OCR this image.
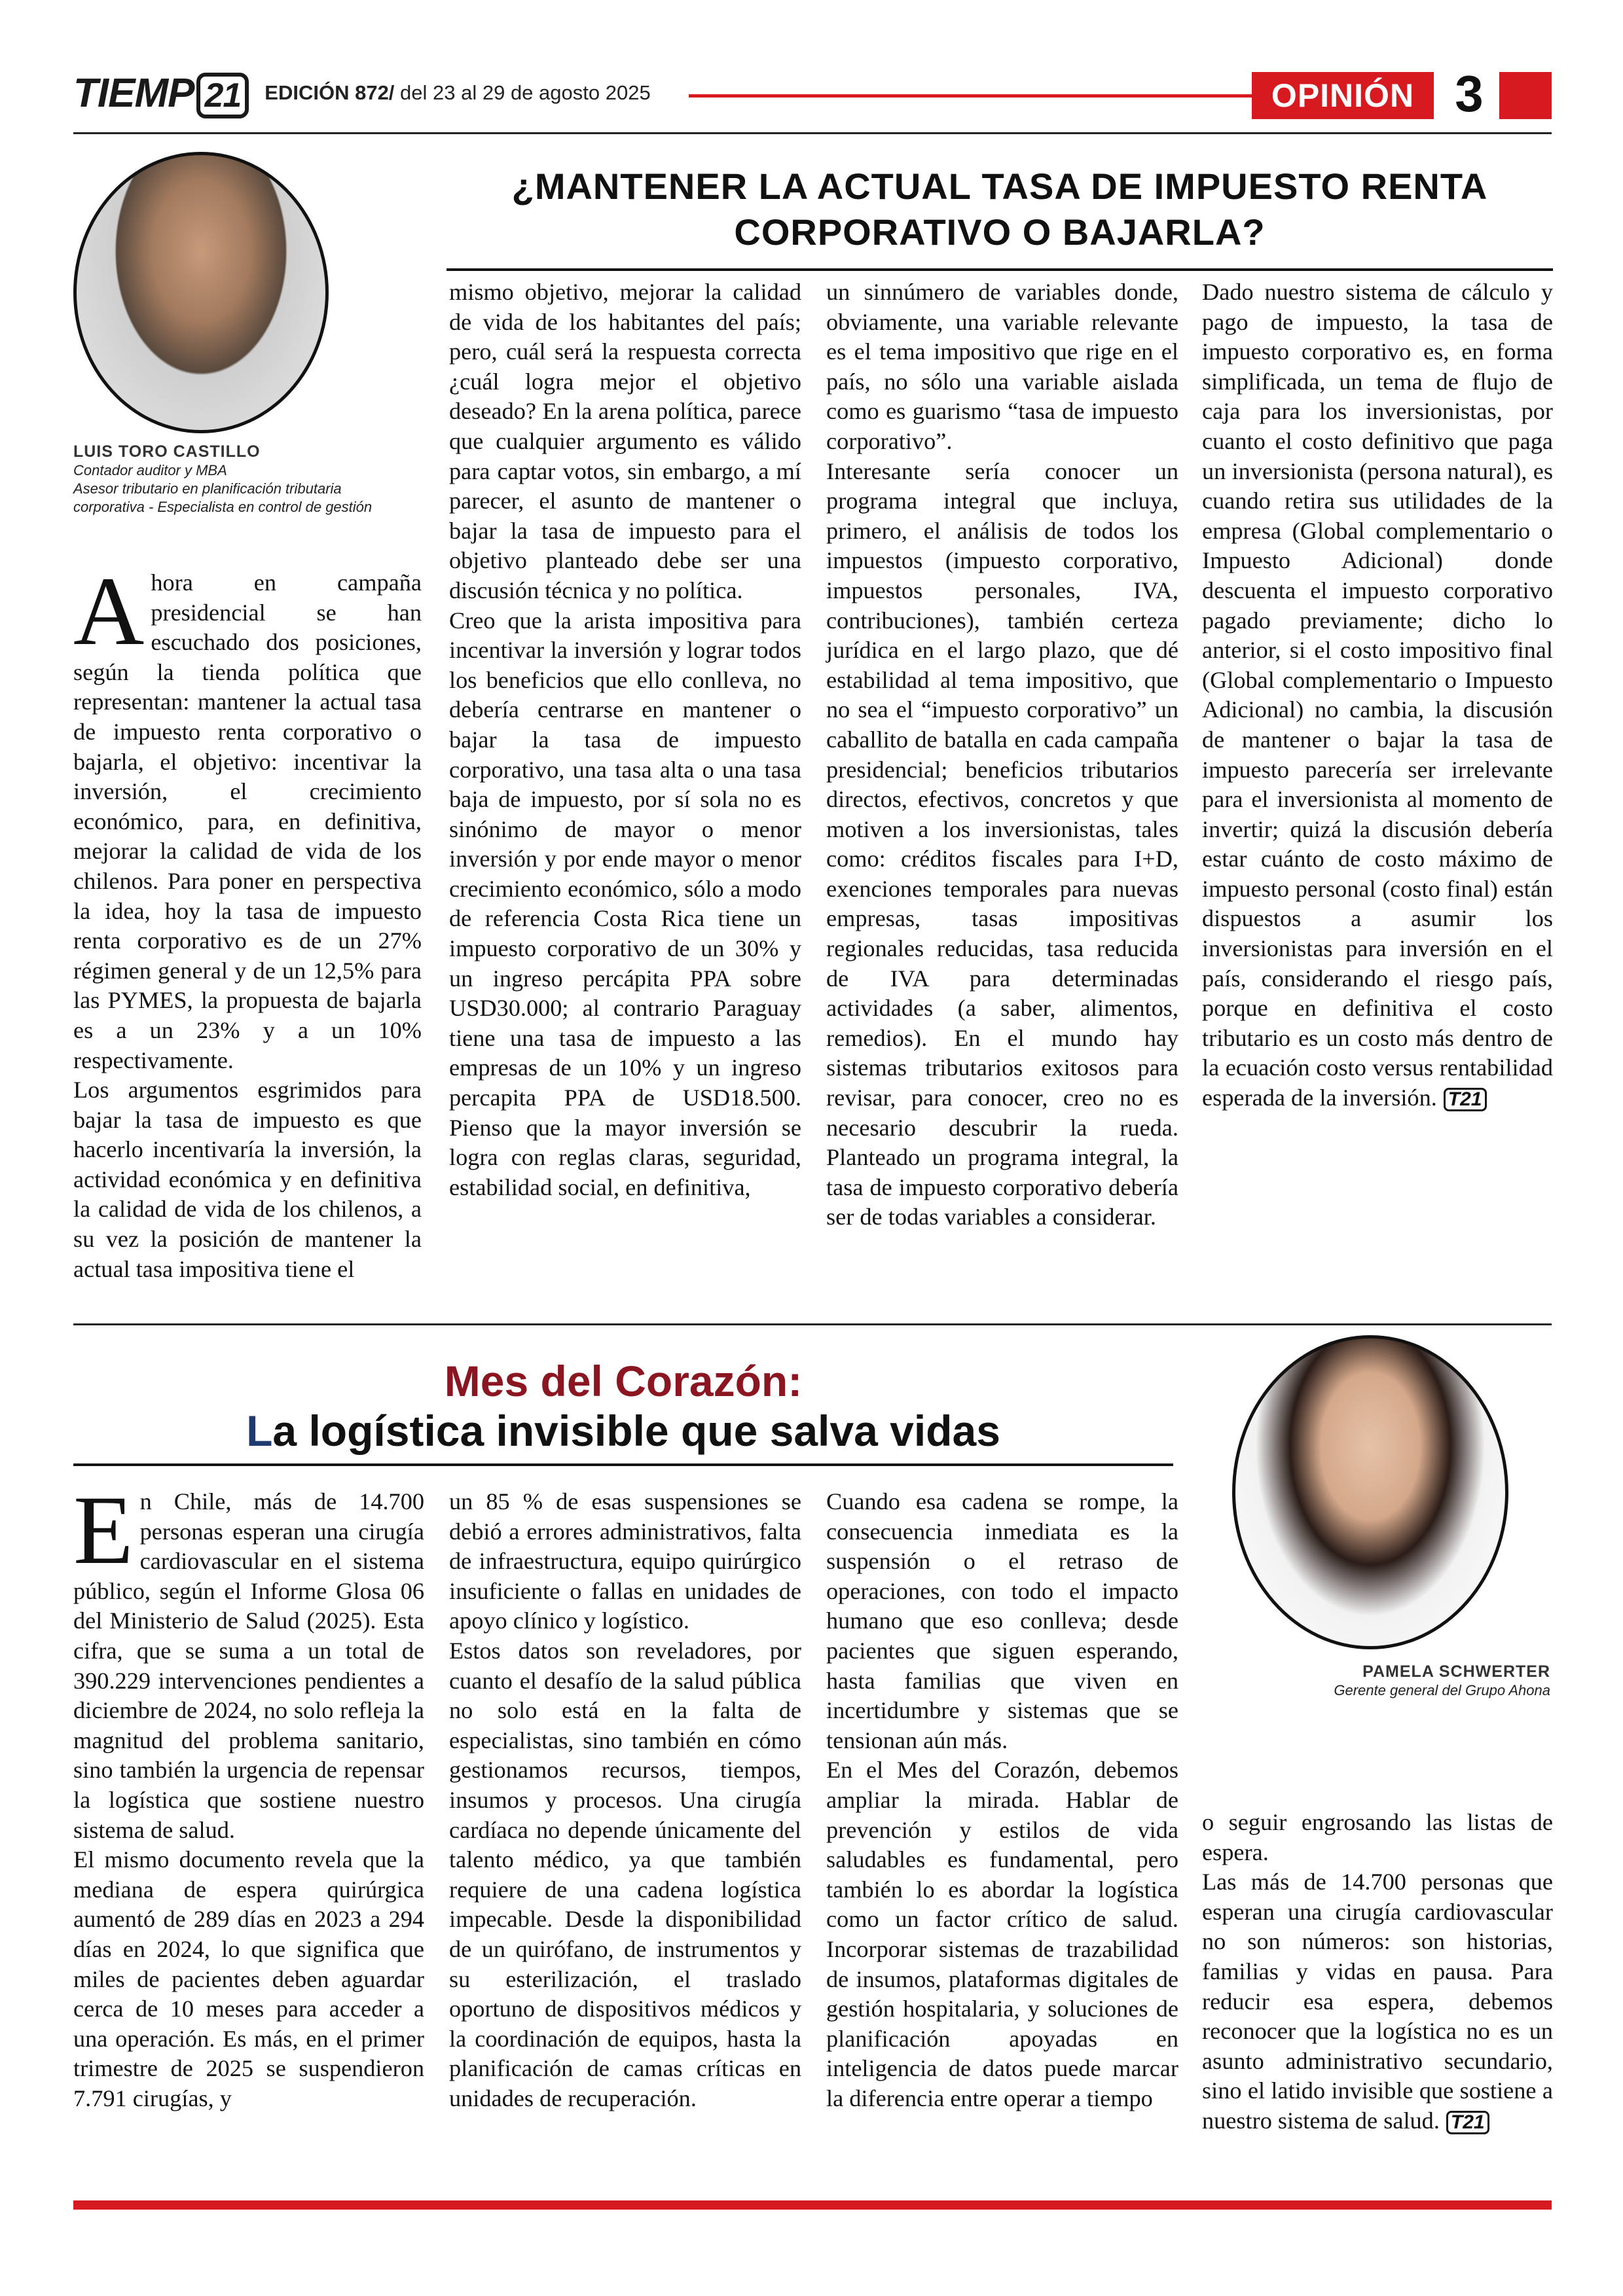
TIEMP 21	EDICIÓN 872/ del 23 al 29 de agosto 2025	OPINIÓN 3
LUIS TORO CASTILLO
Contador auditor y MBA
Asesor tributario en planificación tributaria
corporativa - Especialista en control de gestión
¿MANTENER LA ACTUAL TASA DE IMPUESTO RENTA
CORPORATIVO O BAJARLA?

Ahora en campaña presidencial se han escuchado dos posiciones, según la tienda política que representan: mantener la actual tasa de impuesto renta corporativo o bajarla, el objetivo: incentivar la inversión, el crecimiento económico, para, en definitiva, mejorar la calidad de vida de los chilenos. Para poner en perspectiva la idea, hoy la tasa de impuesto renta corporativo es de un 27% régimen general y de un 12,5% para las PYMES, la propuesta de bajarla es a un 23% y a un 10% respectivamente.

Los argumentos esgrimidos para bajar la tasa de impuesto es que hacerlo incentivaría la inversión, la actividad económica y en definitiva la calidad de vida de los chilenos, a su vez la posición de mantener la actual tasa impositiva tiene el

mismo objetivo, mejorar la calidad de vida de los habitantes del país; pero, cuál será la respuesta correcta ¿cuál logra mejor el objetivo deseado? En la arena política, parece que cualquier argumento es válido para captar votos, sin embargo, a mí parecer, el asunto de mantener o bajar la tasa de impuesto para el objetivo planteado debe ser una discusión técnica y no política.

Creo que la arista impositiva para incentivar la inversión y lograr todos los beneficios que ello conlleva, no debería centrarse en mantener o bajar la tasa de impuesto corporativo, una tasa alta o una tasa baja de impuesto, por sí sola no es sinónimo de mayor o menor inversión y por ende mayor o menor crecimiento económico, sólo a modo de referencia Costa Rica tiene un impuesto corporativo de un 30% y un ingreso percápita PPA sobre USD30.000; al contrario Paraguay tiene una tasa de impuesto a las empresas de un 10% y un ingreso percapita PPA de USD18.500. Pienso que la mayor inversión se logra con reglas claras, seguridad, estabilidad social, en definitiva,

un sinnúmero de variables donde, obviamente, una variable relevante es el tema impositivo que rige en el país, no sólo una variable aislada como es guarismo “tasa de impuesto corporativo”.

Interesante sería conocer un programa integral que incluya, primero, el análisis de todos los impuestos (impuesto corporativo, impuestos personales, IVA, contribuciones), también certeza jurídica en el largo plazo, que dé estabilidad al tema impositivo, que no sea el “impuesto corporativo” un caballito de batalla en cada campaña presidencial; beneficios tributarios directos, efectivos, concretos y que motiven a los inversionistas, tales como: créditos fiscales para I+D, exenciones temporales para nuevas empresas, tasas impositivas regionales reducidas, tasa reducida de IVA para determinadas actividades (a saber, alimentos, remedios). En el mundo hay sistemas tributarios exitosos para revisar, para conocer, creo no es necesario descubrir la rueda. Planteado un programa integral, la tasa de impuesto corporativo debería ser de todas variables a considerar.

Dado nuestro sistema de cálculo y pago de impuesto, la tasa de impuesto corporativo es, en forma simplificada, un tema de flujo de caja para los inversionistas, por cuanto el costo definitivo que paga un inversionista (persona natural), es cuando retira sus utilidades de la empresa (Global complementario o Impuesto Adicional) donde descuenta el impuesto corporativo pagado previamente; dicho lo anterior, si el costo impositivo final (Global complementario o Impuesto Adicional) no cambia, la discusión de mantener o bajar la tasa de impuesto parecería ser irrelevante para el inversionista al momento de invertir; quizá la discusión debería estar cuánto de costo máximo de impuesto personal (costo final) están dispuestos a asumir los inversionistas para inversión en el país, considerando el riesgo país, porque en definitiva el costo tributario es un costo más dentro de la ecuación costo versus rentabilidad esperada de la inversión. T21

Mes del Corazón:
La logística invisible que salva vidas
PAMELA SCHWERTER
Gerente general del Grupo Ahona

En Chile, más de 14.700 personas esperan una cirugía cardiovascular en el sistema público, según el Informe Glosa 06 del Ministerio de Salud (2025). Esta cifra, que se suma a un total de 390.229 intervenciones pendientes a diciembre de 2024, no solo refleja la magnitud del problema sanitario, sino también la urgencia de repensar la logística que sostiene nuestro sistema de salud.

El mismo documento revela que la mediana de espera quirúrgica aumentó de 289 días en 2023 a 294 días en 2024, lo que significa que miles de pacientes deben aguardar cerca de 10 meses para acceder a una operación. Es más, en el primer trimestre de 2025 se suspendieron 7.791 cirugías, y

un 85 % de esas suspensiones se debió a errores administrativos, falta de infraestructura, equipo quirúrgico insuficiente o fallas en unidades de apoyo clínico y logístico.

Estos datos son reveladores, por cuanto el desafío de la salud pública no solo está en la falta de especialistas, sino también en cómo gestionamos recursos, tiempos, insumos y procesos. Una cirugía cardíaca no depende únicamente del talento médico, ya que también requiere de una cadena logística impecable. Desde la disponibilidad de un quirófano, de instrumentos y su esterilización, el traslado oportuno de dispositivos médicos y la coordinación de equipos, hasta la planificación de camas críticas en unidades de recuperación.

Cuando esa cadena se rompe, la consecuencia inmediata es la suspensión o el retraso de operaciones, con todo el impacto humano que eso conlleva; desde pacientes que siguen esperando, hasta familias que viven en incertidumbre y sistemas que se tensionan aún más.

En el Mes del Corazón, debemos ampliar la mirada. Hablar de prevención y estilos de vida saludables es fundamental, pero también lo es abordar la logística como un factor crítico de salud. Incorporar sistemas de trazabilidad de insumos, plataformas digitales de gestión hospitalaria, y soluciones de planificación apoyadas en inteligencia de datos puede marcar la diferencia entre operar a tiempo

o seguir engrosando las listas de espera.

Las más de 14.700 personas que esperan una cirugía cardiovascular no son números: son historias, familias y vidas en pausa. Para reducir esa espera, debemos reconocer que la logística no es un asunto administrativo secundario, sino el latido invisible que sostiene a nuestro sistema de salud. T21
